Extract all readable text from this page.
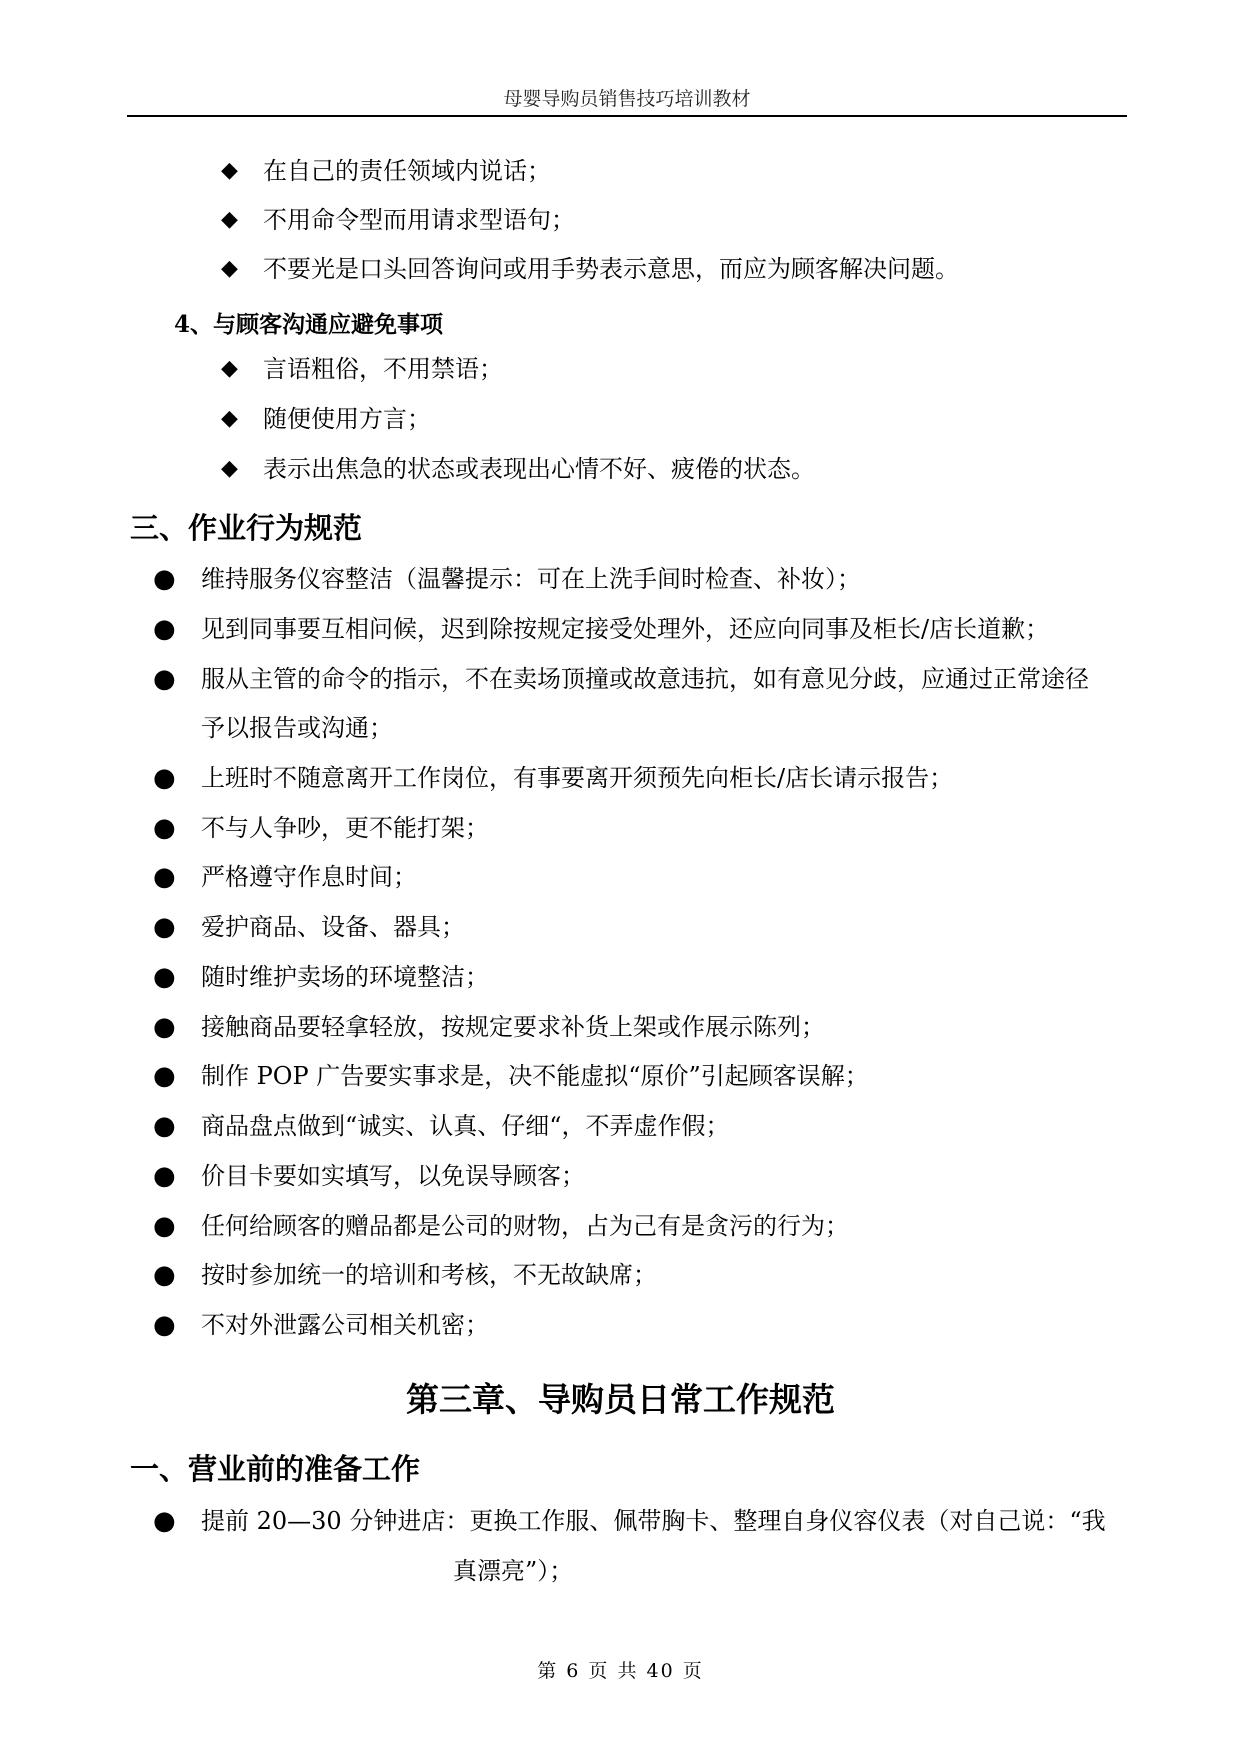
母婴导购员销售技巧培训教材
◆ 在自己的责任领域内说话；
◆ 不用命令型而用请求型语句；
◆ 不要光是口头回答询问或用手势表示意思，而应为顾客解决问题。
4、与顾客沟通应避免事项
◆ 言语粗俗，不用禁语；
◆ 随便使用方言；
◆ 表示出焦急的状态或表现出心情不好、疲倦的状态。
三、作业行为规范
● 维持服务仪容整洁（温馨提示：可在上洗手间时检查、补妆）；
● 见到同事要互相问候，迟到除按规定接受处理外，还应向同事及柜长/店长道歉；
● 服从主管的命令的指示，不在卖场顶撞或故意违抗，如有意见分歧，应通过正常途径
予以报告或沟通；
● 上班时不随意离开工作岗位，有事要离开须预先向柜长/店长请示报告；
● 不与人争吵，更不能打架；
● 严格遵守作息时间；
● 爱护商品、设备、器具；
● 随时维护卖场的环境整洁；
● 接触商品要轻拿轻放，按规定要求补货上架或作展示陈列；
● 制作 POP 广告要实事求是，决不能虚拟“原价”引起顾客误解；
● 商品盘点做到“诚实、认真、仔细“，不弄虚作假；
● 价目卡要如实填写，以免误导顾客；
● 任何给顾客的赠品都是公司的财物，占为己有是贪污的行为；
● 按时参加统一的培训和考核，不无故缺席；
● 不对外泄露公司相关机密；
第三章、导购员日常工作规范
一、营业前的准备工作
● 提前 20—30 分钟进店：更换工作服、佩带胸卡、整理自身仪容仪表（对自己说：“我
真漂亮”）；
第 6 页 共 40 页
